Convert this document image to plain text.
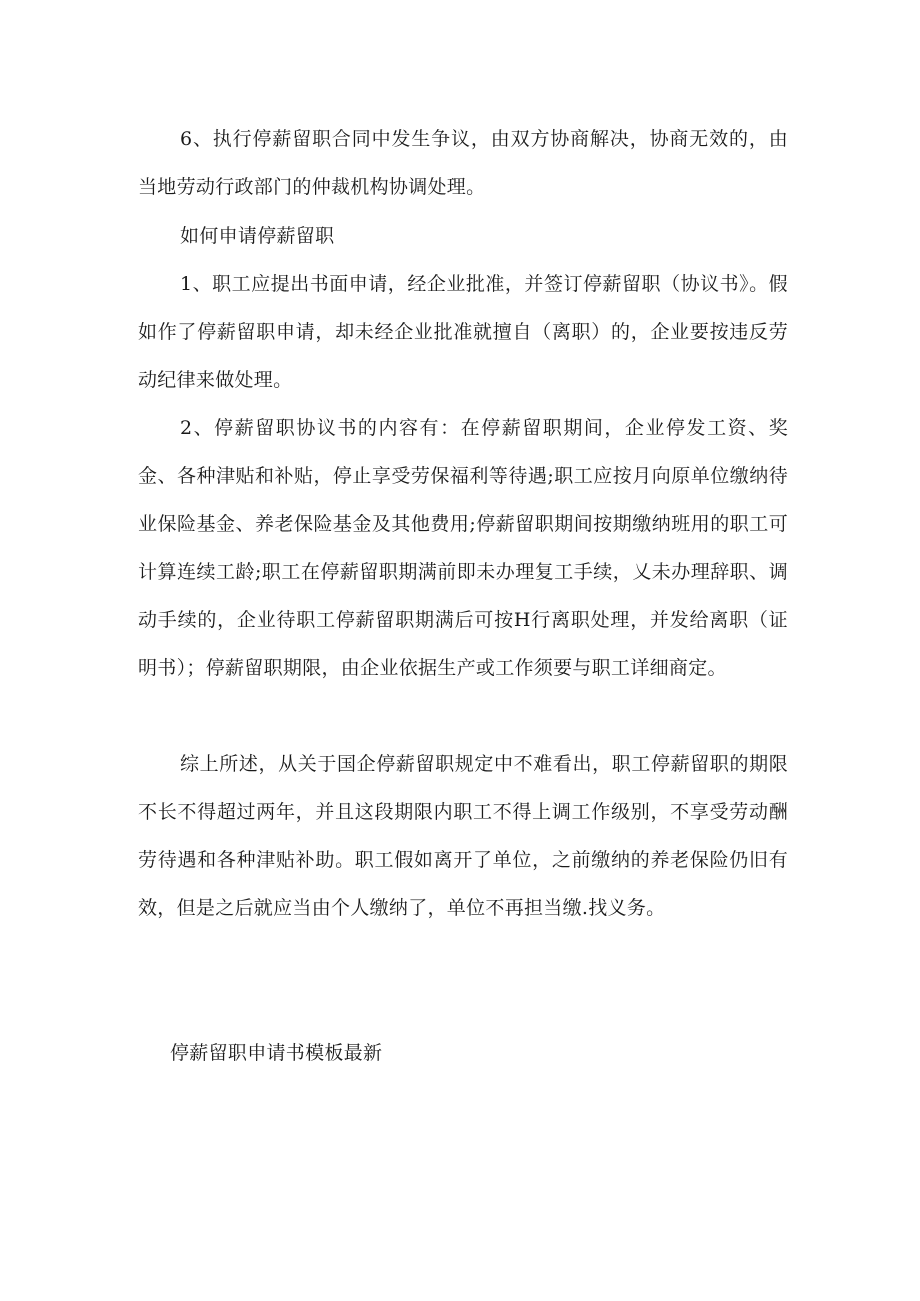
6、执行停薪留职合同中发生争议，由双方协商解决，协商无效的，由当地劳动行政部门的仲裁机构协调处理。

如何申请停薪留职

1、职工应提出书面申请，经企业批准，并签订停薪留职（协议书》。假如作了停薪留职申请，却未经企业批准就擅自（离职）的，企业要按违反劳动纪律来做处理。

2、停薪留职协议书的内容有：在停薪留职期间，企业停发工资、奖金、各种津贴和补贴，停止享受劳保福利等待遇;职工应按月向原单位缴纳待业保险基金、养老保险基金及其他费用;停薪留职期间按期缴纳班用的职工可计算连续工龄;职工在停薪留职期满前即未办理复工手续，乂未办理辞职、调动手续的，企业待职工停薪留职期满后可按H行离职处理，并发给离职（证明书）；停薪留职期限，由企业依据生产或工作须要与职工详细商定。

综上所述，从关于国企停薪留职规定中不难看出，职工停薪留职的期限不长不得超过两年，并且这段期限内职工不得上调工作级别，不享受劳动酬劳待遇和各种津贴补助。职工假如离开了单位，之前缴纳的养老保险仍旧有效，但是之后就应当由个人缴纳了，单位不再担当缴.找义务。

停薪留职申请书模板最新
